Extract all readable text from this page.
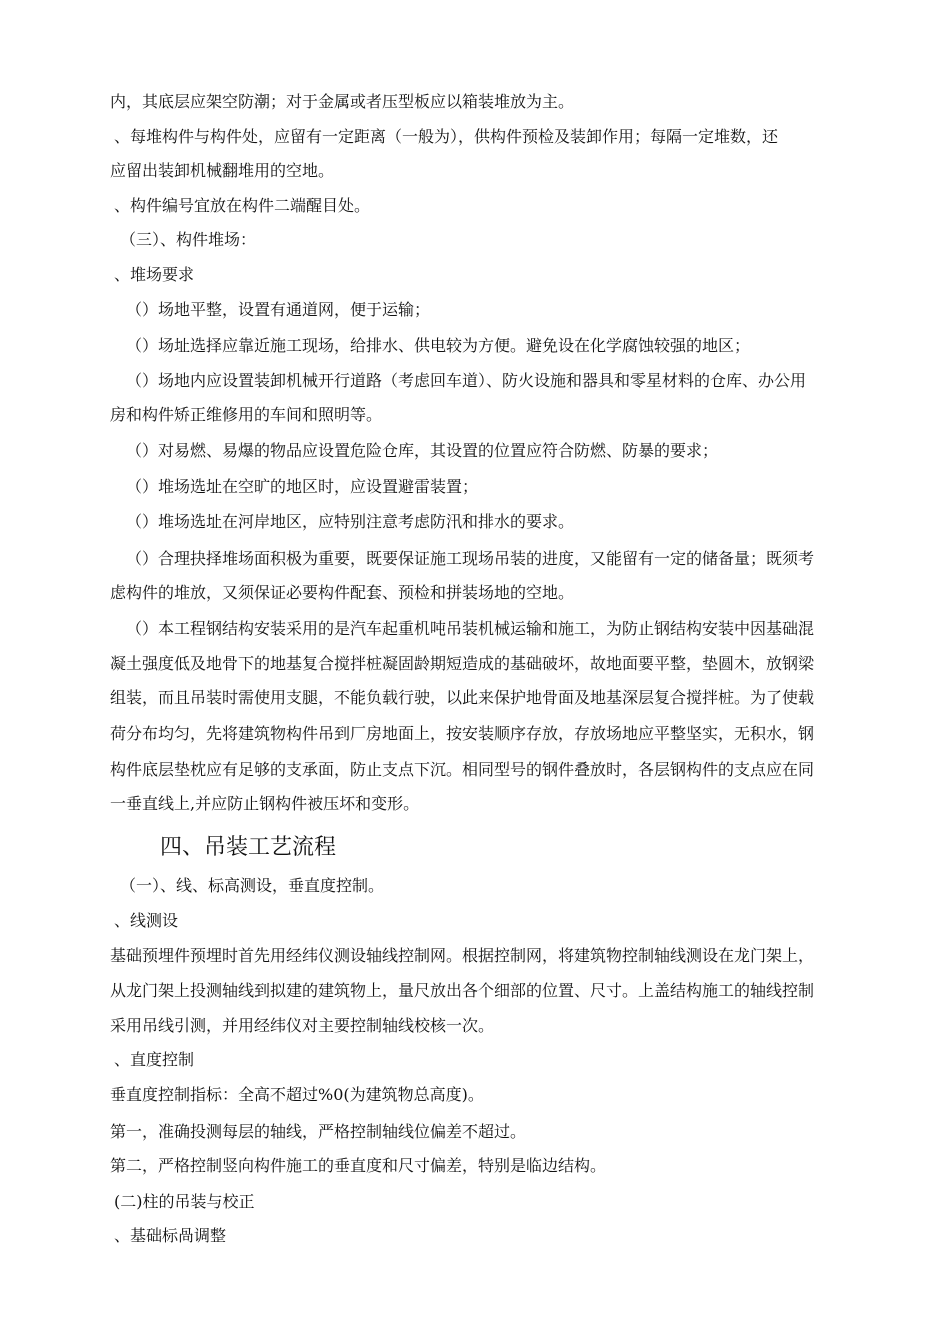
内，其底层应架空防潮；对于金属或者压型板应以箱装堆放为主。
、每堆构件与构件处，应留有一定距离（一般为），供构件预检及装卸作用；每隔一定堆数，还
应留出装卸机械翻堆用的空地。
、构件编号宜放在构件二端醒目处。
（三）、构件堆场：
、堆场要求
（）场地平整，设置有通道网，便于运输；
（）场址选择应靠近施工现场，给排水、供电较为方便。避免设在化学腐蚀较强的地区；
（）场地内应设置装卸机械开行道路（考虑回车道）、防火设施和器具和零星材料的仓库、办公用
房和构件矫正维修用的车间和照明等。
（）对易燃、易爆的物品应设置危险仓库，其设置的位置应符合防燃、防暴的要求；
（）堆场选址在空旷的地区时，应设置避雷装置；
（）堆场选址在河岸地区，应特别注意考虑防汛和排水的要求。
（）合理抉择堆场面积极为重要，既要保证施工现场吊装的进度，又能留有一定的储备量；既须考
虑构件的堆放，又须保证必要构件配套、预检和拼装场地的空地。
（）本工程钢结构安装采用的是汽车起重机吨吊装机械运输和施工，为防止钢结构安装中因基础混
凝土强度低及地骨下的地基复合搅拌桩凝固龄期短造成的基础破坏，故地面要平整，垫圆木，放钢梁
组装，而且吊装时需使用支腿，不能负载行驶，以此来保护地骨面及地基深层复合搅拌桩。为了使载
荷分布均匀，先将建筑物构件吊到厂房地面上，按安装顺序存放，存放场地应平整坚实，无积水，钢
构件底层垫枕应有足够的支承面，防止支点下沉。相同型号的钢件叠放时，各层钢构件的支点应在同
一垂直线上,并应防止钢构件被压坏和变形。
四、吊装工艺流程
（一）、线、标高测设，垂直度控制。
、线测设
基础预埋件预埋时首先用经纬仪测设轴线控制网。根据控制网，将建筑物控制轴线测设在龙门架上，
从龙门架上投测轴线到拟建的建筑物上，量尺放出各个细部的位置、尺寸。上盖结构施工的轴线控制
采用吊线引测，并用经纬仪对主要控制轴线校核一次。
、直度控制
垂直度控制指标：全高不超过%0(为建筑物总高度)。
第一，准确投测每层的轴线，严格控制轴线位偏差不超过。
第二，严格控制竖向构件施工的垂直度和尺寸偏差，特别是临边结构。
(二)柱的吊装与校正
、基础标咼调整
